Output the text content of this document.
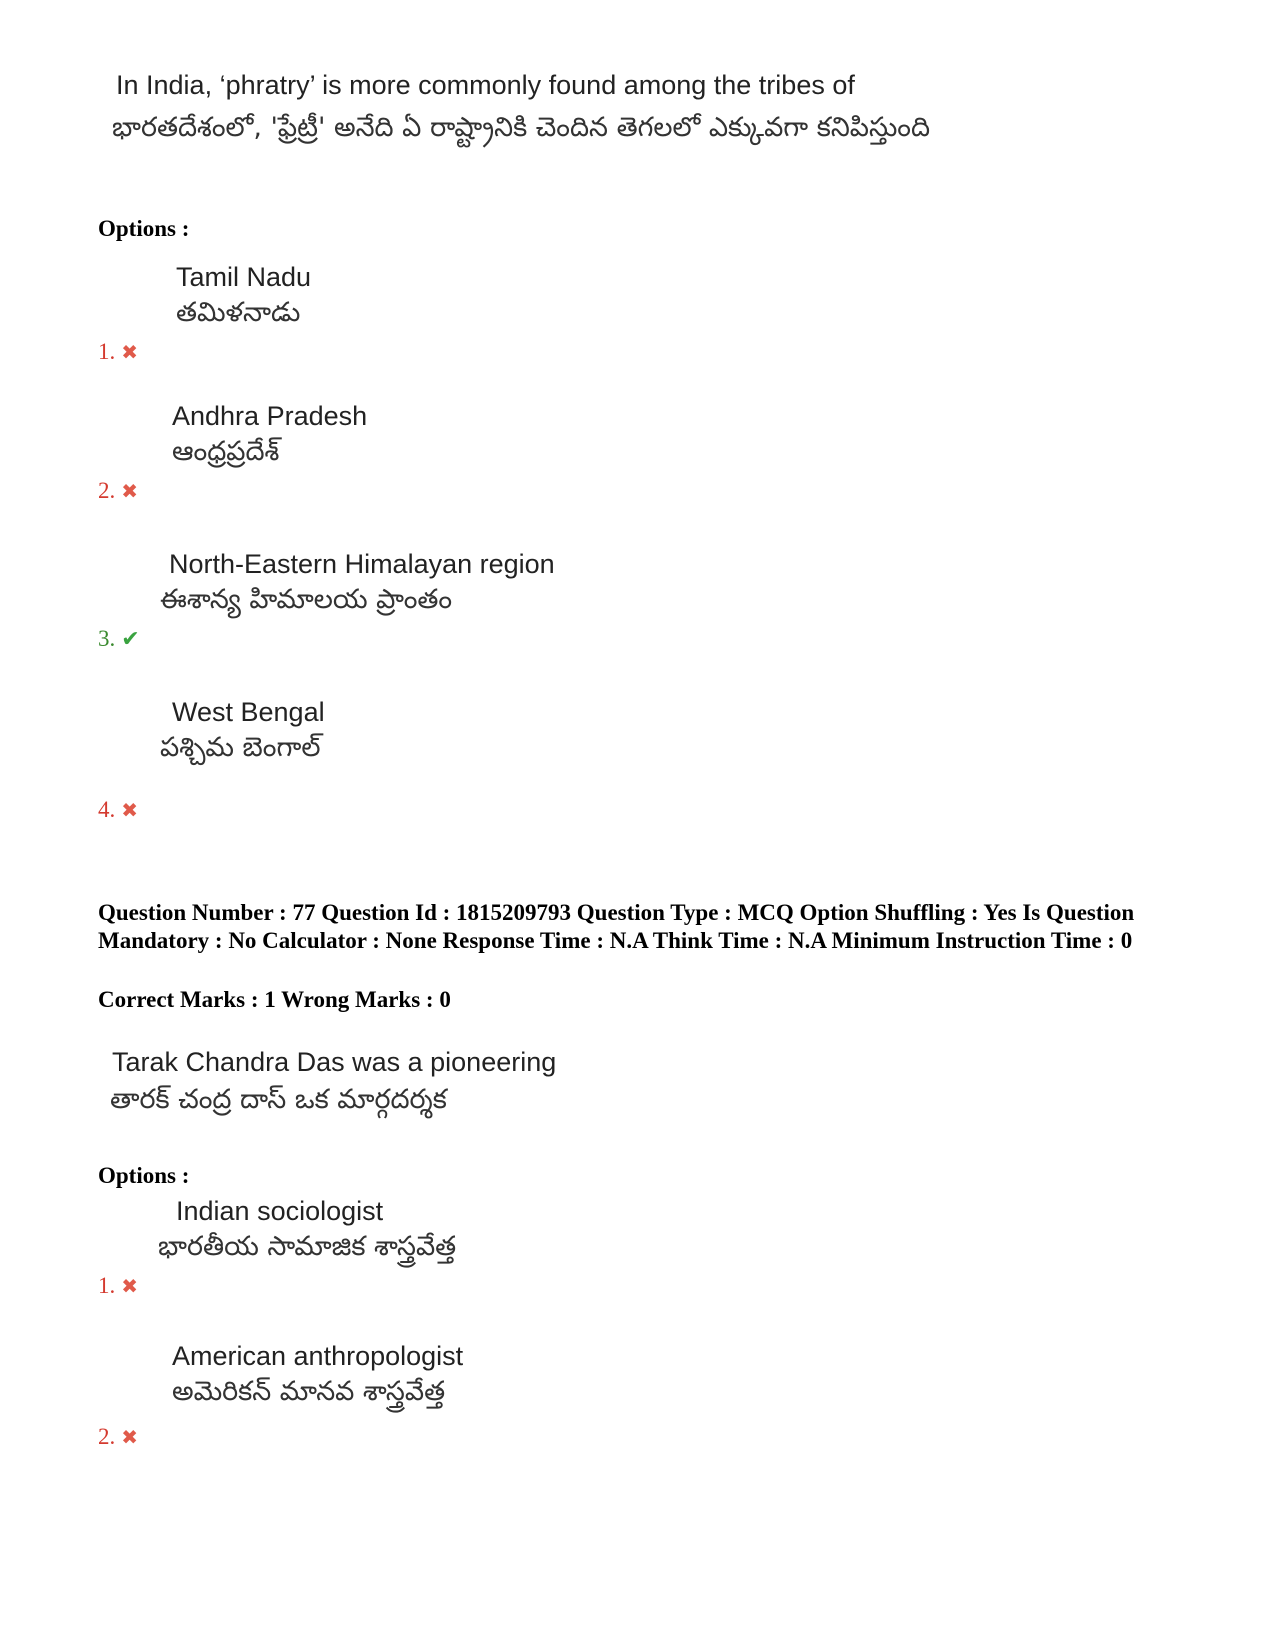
In India, ‘phratry’ is more commonly found among the tribes of
భారతదేశంలో, 'ఫ్రేట్రీ' అనేది ఏ రాష్ట్రానికి చెందిన తెగలలో ఎక్కువగా కనిపిస్తుంది
Options :
Tamil Nadu
తమిళనాడు
1. ✖
Andhra Pradesh
ఆంధ్రప్రదేశ్
2. ✖
North-Eastern Himalayan region
ఈశాన్య హిమాలయ ప్రాంతం
3. ✔
West Bengal
పశ్చిమ బెంగాల్
4. ✖
Question Number : 77 Question Id : 1815209793 Question Type : MCQ Option Shuffling : Yes Is Question Mandatory : No Calculator : None Response Time : N.A Think Time : N.A Minimum Instruction Time : 0
Correct Marks : 1 Wrong Marks : 0
Tarak Chandra Das was a pioneering
తారక్ చంద్ర దాస్ ఒక మార్గదర్శక
Options :
Indian sociologist
భారతీయ సామాజిక శాస్త్రవేత్త
1. ✖
American anthropologist
అమెరికన్ మానవ శాస్త్రవేత్త
2. ✖
